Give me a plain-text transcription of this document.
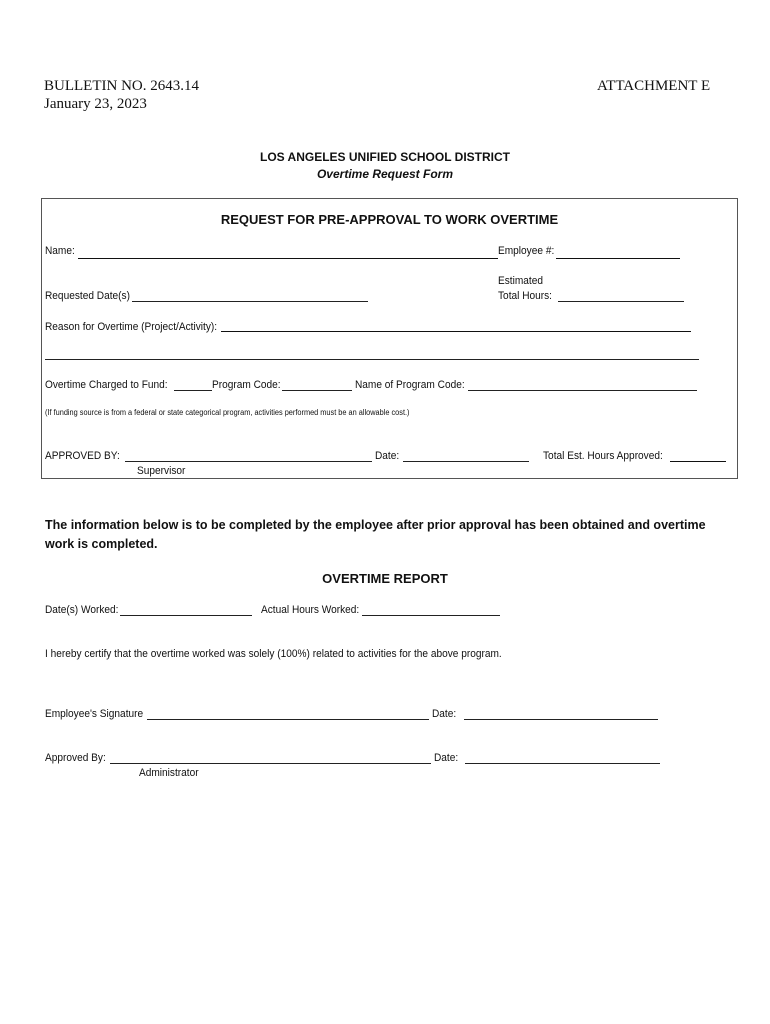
BULLETIN NO. 2643.14
January 23, 2023
ATTACHMENT E
LOS ANGELES UNIFIED SCHOOL DISTRICT
Overtime Request Form
REQUEST FOR PRE-APPROVAL TO WORK OVERTIME
Name:	Employee #:
Estimated
Requested Date(s)	Total Hours:
Reason for Overtime (Project/Activity):
Overtime Charged to Fund:	Program Code:	Name of Program Code:
(If funding source is from a federal or state categorical program, activities performed must be an allowable cost.)
APPROVED BY:	Date:	Total Est. Hours Approved:
Supervisor
The information below is to be completed by the employee after prior approval has been obtained and overtime work is completed.
OVERTIME REPORT
Date(s) Worked:	Actual Hours Worked:
I hereby certify that the overtime worked was solely (100%) related to activities for the above program.
Employee's Signature	Date:
Approved By:	Date:
Administrator
